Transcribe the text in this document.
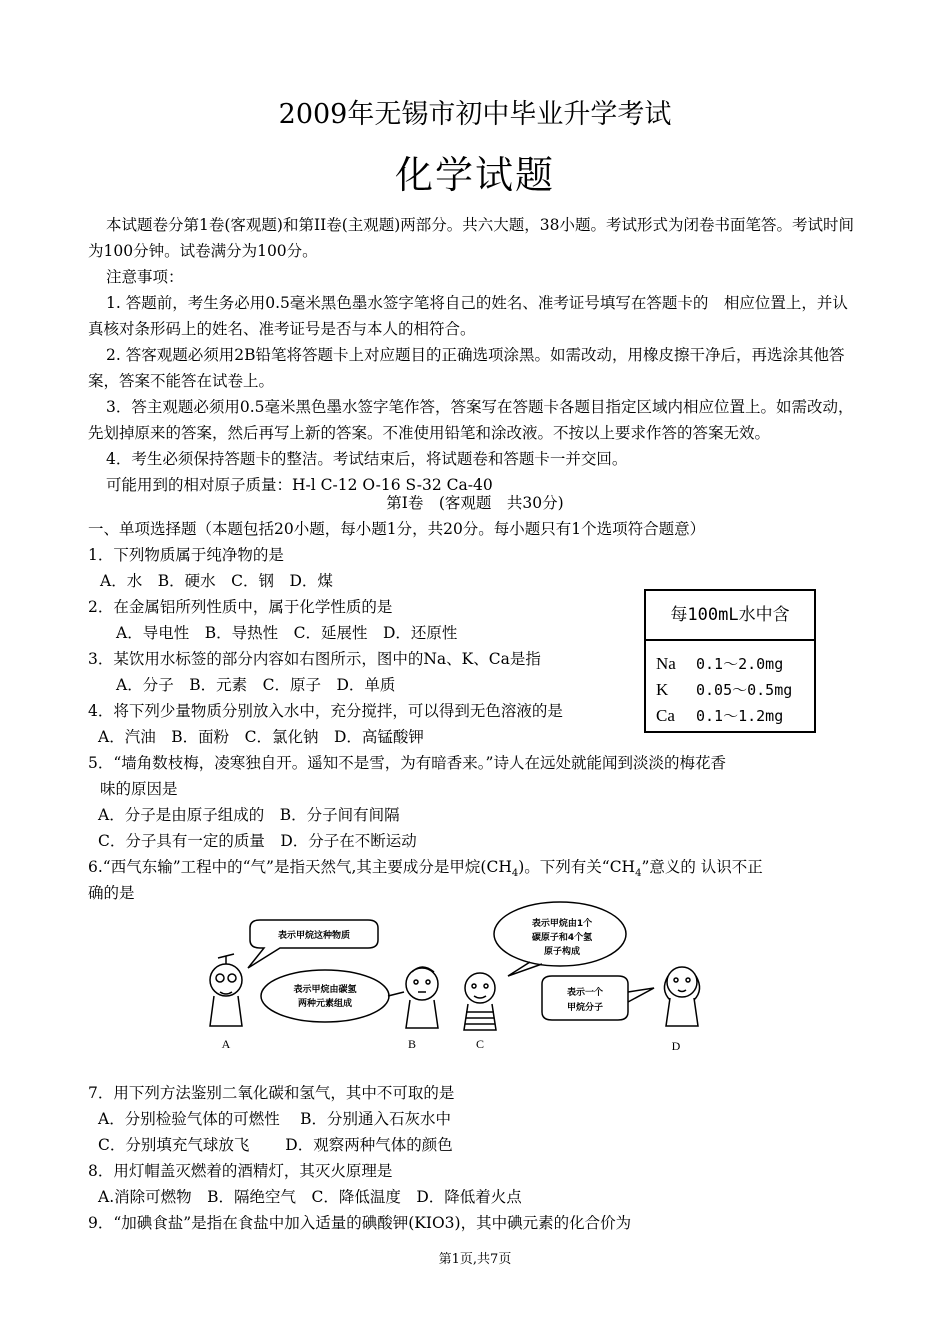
2009年无锡市初中毕业升学考试
化学试题

本试题卷分第1卷(客观题)和第II卷(主观题)两部分。共六大题，38小题。考试形式为闭卷书面笔答。考试时间为100分钟。试卷满分为100分。

注意事项：

1. 答题前，考生务必用0.5毫米黑色墨水签字笔将自己的姓名、准考证号填写在答题卡的　相应位置上，并认真核对条形码上的姓名、准考证号是否与本人的相符合。

2. 答客观题必须用2B铅笔将答题卡上对应题目的正确选项涂黑。如需改动，用橡皮擦干净后，再选涂其他答案，答案不能答在试卷上。

3．答主观题必须用0.5毫米黑色墨水签字笔作答，答案写在答题卡各题目指定区域内相应位置上。如需改动，先划掉原来的答案，然后再写上新的答案。不准使用铅笔和涂改液。不按以上要求作答的答案无效。

4．考生必须保持答题卡的整洁。考试结束后，将试题卷和答题卡一并交回。

可能用到的相对原子质量：H-l C-12 O-16 S-32 Ca-40

第Ⅰ卷　(客观题　共30分)
一、单项选择题（本题包括20小题，每小题1分，共20分。每小题只有1个选项符合题意）
1．下列物质属于纯净物的是
A．水　B．硬水　C．钢　D．煤
2．在金属铝所列性质中，属于化学性质的是
A．导电性　B．导热性　C．延展性　D．还原性
3．某饮用水标签的部分内容如右图所示，图中的Na、K、Ca是指
A．分子　B．元素　C．原子　D．单质
4．将下列少量物质分别放入水中，充分搅拌，可以得到无色溶液的是
A．汽油　B．面粉　C．氯化钠　D．高锰酸钾
每100mL水中含
Na	0.1～2.0mg
K	0.05～0.5mg
Ca	0.1～1.2mg
5．“墙角数枝梅，凌寒独自开。遥知不是雪，为有暗香来。”诗人在远处就能闻到淡淡的梅花香
味的原因是
A．分子是由原子组成的　B．分子间有间隔
C．分子具有一定的质量　D．分子在不断运动
6.“西气东输”工程中的“气”是指天然气,其主要成分是甲烷$(CH_4)$。下列有关“$CH_4$”意义的 认识不正
确的是
表示甲烷这种物质
表示甲烷由碳氢
两种元素组成
表示甲烷由1个
碳原子和4个氢
原子构成
表示一个
甲烷分子
A	B	C	D
7．用下列方法鉴别二氧化碳和氢气，其中不可取的是
A．分别检验气体的可燃性　 B．分别通入石灰水中
C．分别填充气球放飞　　 D．观察两种气体的颜色
8．用灯帽盖灭燃着的酒精灯，其灭火原理是
A.消除可燃物　B．隔绝空气　C．降低温度　D．降低着火点
9．“加碘食盐”是指在食盐中加入适量的碘酸钾(KIO3)，其中碘元素的化合价为
第1页,共7页
